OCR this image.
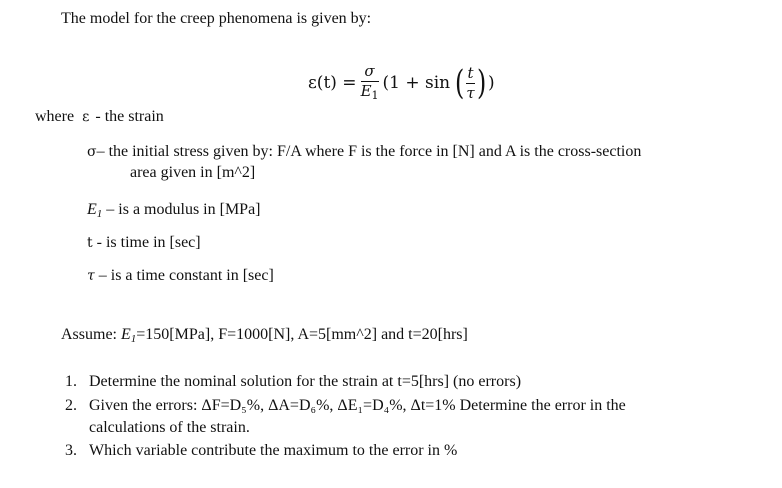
The model for the creep phenomena is given by:
$\varepsilon(t) = \frac{\sigma}{E_1} (1 + \sin$ ( $\frac{t}{\tau}$ ) )
where ε - the strain
σ– the initial stress given by: F/A where F is the force in [N] and A is the cross-section
area given in [m^2]
E1 – is a modulus in [MPa]
t - is time in [sec]
τ – is a time constant in [sec]
Assume: E1=150[MPa], F=1000[N], A=5[mm^2] and t=20[hrs]
1. Determine the nominal solution for the strain at t=5[hrs] (no errors)
2. Given the errors: ΔF=D₅%, ΔA=D₆%, ΔE₁=D₄%, Δt=1% Determine the error in the
calculations of the strain.
3. Which variable contribute the maximum to the error in %
